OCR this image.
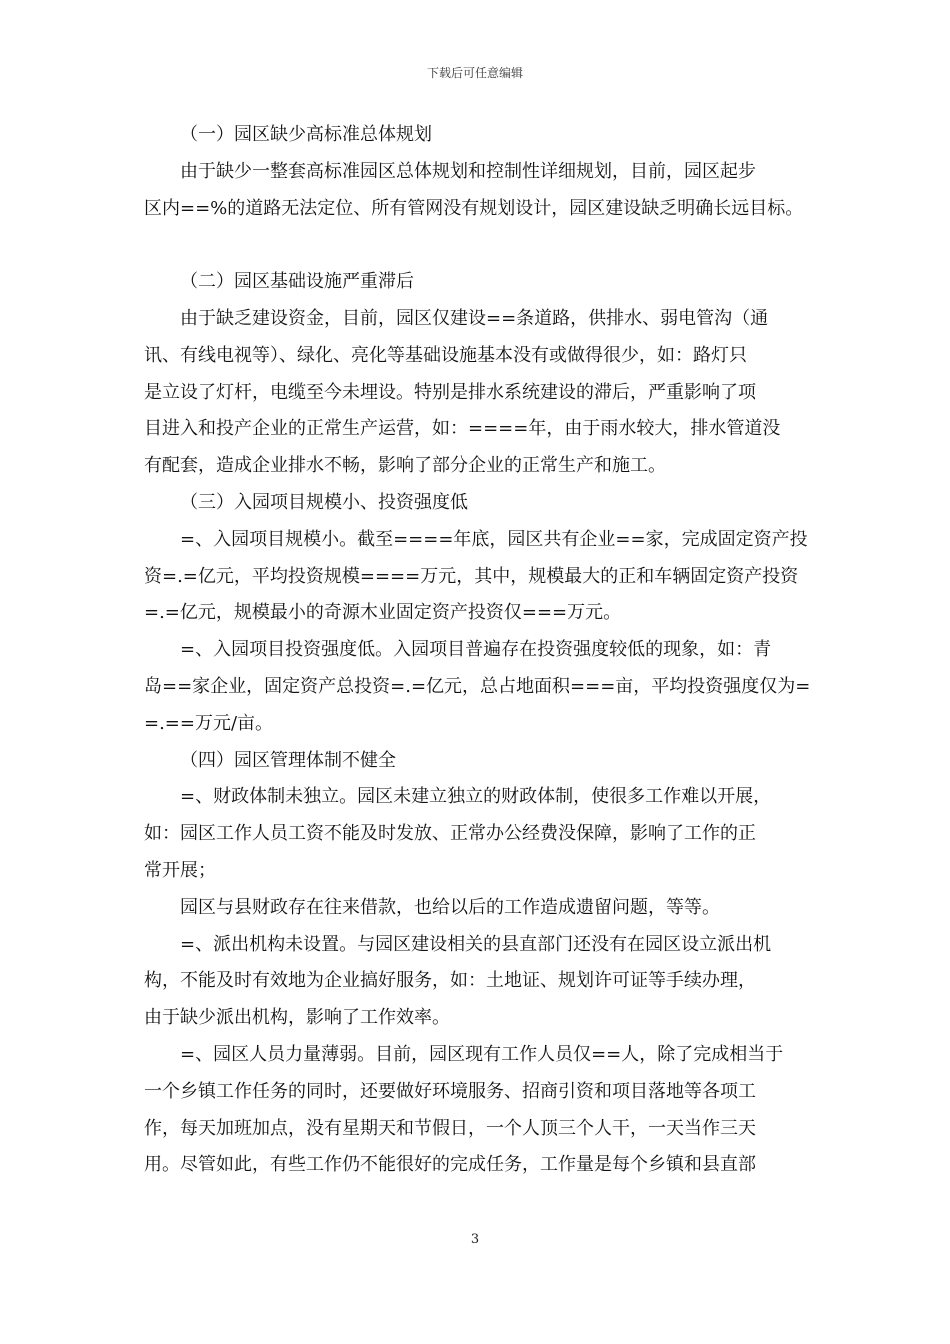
下载后可任意编辑
（一）园区缺少高标准总体规划
由于缺少一整套高标准园区总体规划和控制性详细规划，目前，园区起步
区内==%的道路无法定位、所有管网没有规划设计，园区建设缺乏明确长远目标。
（二）园区基础设施严重滞后
由于缺乏建设资金，目前，园区仅建设==条道路，供排水、弱电管沟（通
讯、有线电视等）、绿化、亮化等基础设施基本没有或做得很少，如：路灯只
是立设了灯杆，电缆至今未埋设。特别是排水系统建设的滞后，严重影响了项
目进入和投产企业的正常生产运营，如：====年，由于雨水较大，排水管道没
有配套，造成企业排水不畅，影响了部分企业的正常生产和施工。
（三）入园项目规模小、投资强度低
=、入园项目规模小。截至====年底，园区共有企业==家，完成固定资产投
资=.=亿元，平均投资规模====万元，其中，规模最大的正和车辆固定资产投资
=.=亿元，规模最小的奇源木业固定资产投资仅===万元。
=、入园项目投资强度低。入园项目普遍存在投资强度较低的现象，如：青
岛==家企业，固定资产总投资=.=亿元，总占地面积===亩，平均投资强度仅为=
=.==万元/亩。
（四）园区管理体制不健全
=、财政体制未独立。园区未建立独立的财政体制，使很多工作难以开展，
如：园区工作人员工资不能及时发放、正常办公经费没保障，影响了工作的正
常开展；
园区与县财政存在往来借款，也给以后的工作造成遗留问题，等等。
=、派出机构未设置。与园区建设相关的县直部门还没有在园区设立派出机
构，不能及时有效地为企业搞好服务，如：土地证、规划许可证等手续办理，
由于缺少派出机构，影响了工作效率。
=、园区人员力量薄弱。目前，园区现有工作人员仅==人，除了完成相当于
一个乡镇工作任务的同时，还要做好环境服务、招商引资和项目落地等各项工
作，每天加班加点，没有星期天和节假日，一个人顶三个人干，一天当作三天
用。尽管如此，有些工作仍不能很好的完成任务，工作量是每个乡镇和县直部
3
